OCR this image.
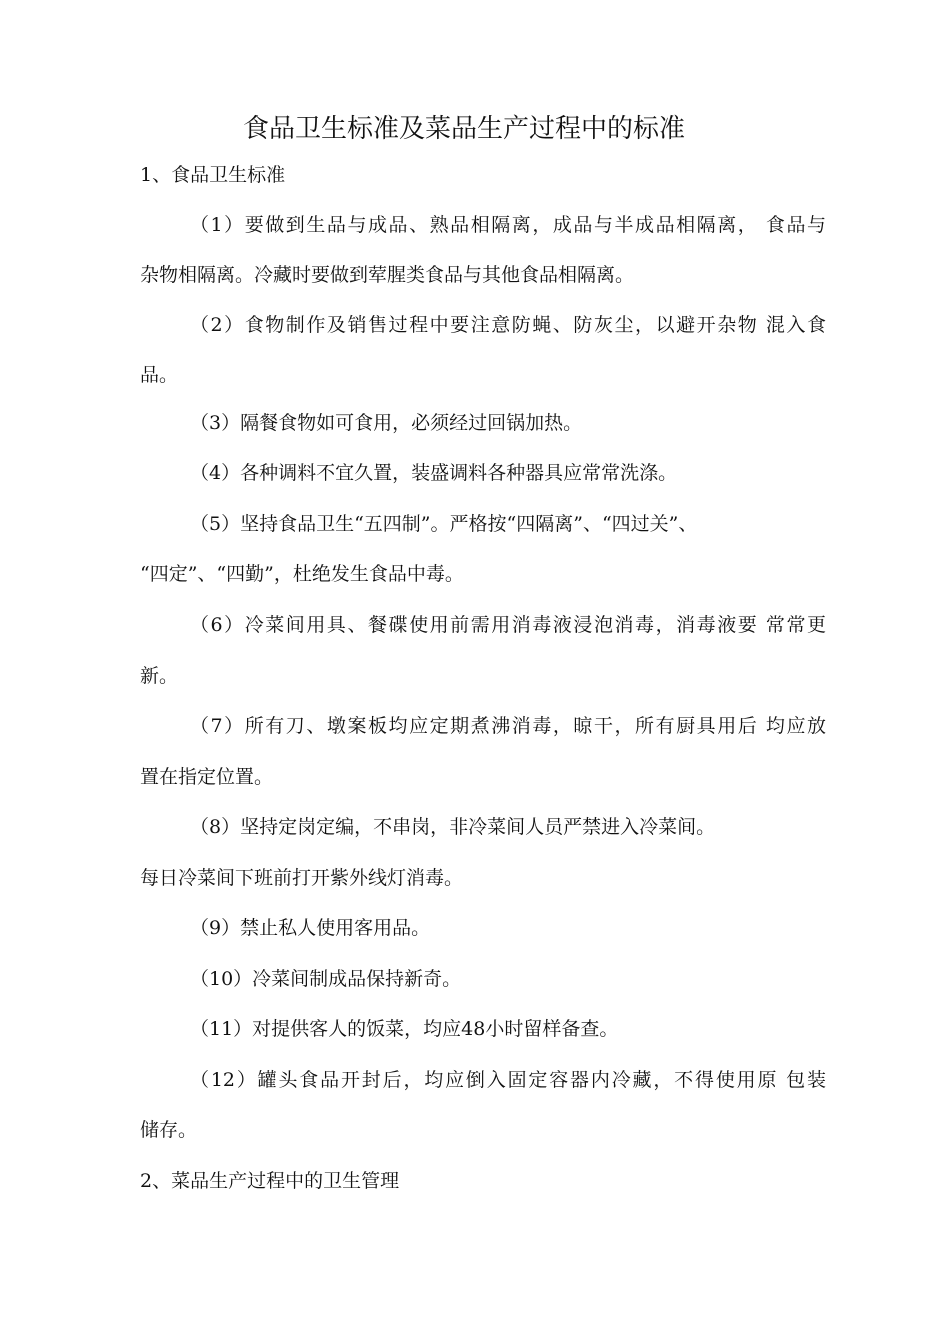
食品卫生标准及菜品生产过程中的标准
1、食品卫生标准
（1）要做到生品与成品、熟品相隔离，成品与半成品相隔离， 食品与
杂物相隔离。冷藏时要做到荤腥类食品与其他食品相隔离。
（2）食物制作及销售过程中要注意防蝇、防灰尘，以避开杂物 混入食
品。
（3）隔餐食物如可食用，必须经过回锅加热。
（4）各种调料不宜久置，装盛调料各种器具应常常洗涤。
（5）坚持食品卫生“五四制”。严格按“四隔离”、“四过关”、
“四定”、“四勤”，杜绝发生食品中毒。
（6）冷菜间用具、餐碟使用前需用消毒液浸泡消毒，消毒液要 常常更
新。
（7）所有刀、墩案板均应定期煮沸消毒，晾干，所有厨具用后 均应放
置在指定位置。
（8）坚持定岗定编，不串岗，非冷菜间人员严禁进入冷菜间。
每日冷菜间下班前打开紫外线灯消毒。
（9）禁止私人使用客用品。
（10）冷菜间制成品保持新奇。
（11）对提供客人的饭菜，均应48小时留样备查。
（12）罐头食品开封后，均应倒入固定容器内冷藏，不得使用原 包装
储存。
2、菜品生产过程中的卫生管理
